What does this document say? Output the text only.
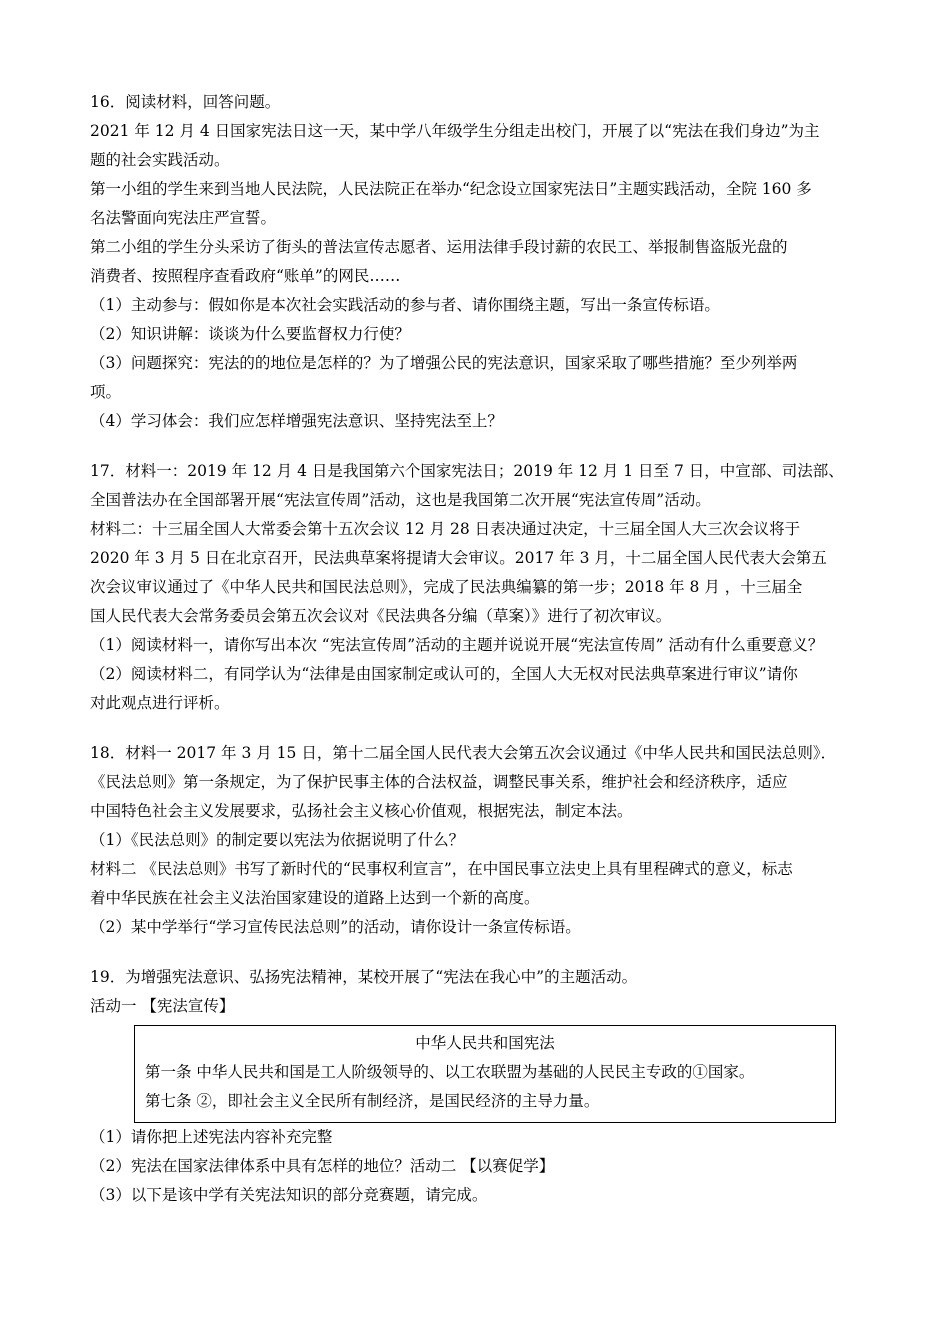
16．阅读材料，回答问题。
2021 年 12 月 4 日国家宪法日这一天，某中学八年级学生分组走出校门，开展了以“宪法在我们身边”为主
题的社会实践活动。
第一小组的学生来到当地人民法院，人民法院正在举办“纪念设立国家宪法日”主题实践活动，全院 160 多
名法警面向宪法庄严宣誓。
第二小组的学生分头采访了街头的普法宣传志愿者、运用法律手段讨薪的农民工、举报制售盗版光盘的
消费者、按照程序查看政府“账单”的网民……
（1）主动参与：假如你是本次社会实践活动的参与者、请你围绕主题，写出一条宣传标语。
（2）知识讲解：谈谈为什么要监督权力行使？
（3）问题探究：宪法的的地位是怎样的？为了增强公民的宪法意识，国家采取了哪些措施？至少列举两
项。
（4）学习体会：我们应怎样增强宪法意识、坚持宪法至上？
17．材料一：2019 年 12 月 4 日是我国第六个国家宪法日；2019 年 12 月 1 日至 7 日，中宣部、司法部、
全国普法办在全国部署开展“宪法宣传周”活动，这也是我国第二次开展“宪法宣传周”活动。
材料二：十三届全国人大常委会第十五次会议 12 月 28 日表决通过决定，十三届全国人大三次会议将于
2020 年 3 月 5 日在北京召开，民法典草案将提请大会审议。2017 年 3 月，十二届全国人民代表大会第五
次会议审议通过了《中华人民共和国民法总则》，完成了民法典编纂的第一步；2018 年 8 月 ，十三届全
国人民代表大会常务委员会第五次会议对《民法典各分编（草案）》进行了初次审议。
（1）阅读材料一，请你写出本次 “宪法宣传周”活动的主题并说说开展“宪法宣传周” 活动有什么重要意义？
（2）阅读材料二，有同学认为“法律是由国家制定或认可的，全国人大无权对民法典草案进行审议”请你
对此观点进行评析。
18．材料一 2017 年 3 月 15 日，第十二届全国人民代表大会第五次会议通过《中华人民共和国民法总则》．
《民法总则》第一条规定，为了保护民事主体的合法权益，调整民事关系，维护社会和经济秩序，适应
中国特色社会主义发展要求，弘扬社会主义核心价值观，根据宪法，制定本法。
（1）《民法总则》的制定要以宪法为依据说明了什么？
材料二 《民法总则》书写了新时代的“民事权利宣言”，在中国民事立法史上具有里程碑式的意义，标志
着中华民族在社会主义法治国家建设的道路上达到一个新的高度。
（2）某中学举行“学习宣传民法总则”的活动，请你设计一条宣传标语。
19．为增强宪法意识、弘扬宪法精神，某校开展了“宪法在我心中”的主题活动。
活动一 【宪法宣传】
中华人民共和国宪法
第一条 中华人民共和国是工人阶级领导的、以工农联盟为基础的人民民主专政的①国家。
第七条 ②，即社会主义全民所有制经济，是国民经济的主导力量。
（1）请你把上述宪法内容补充完整
（2）宪法在国家法律体系中具有怎样的地位？活动二 【以赛促学】
（3）以下是该中学有关宪法知识的部分竞赛题，请完成。
